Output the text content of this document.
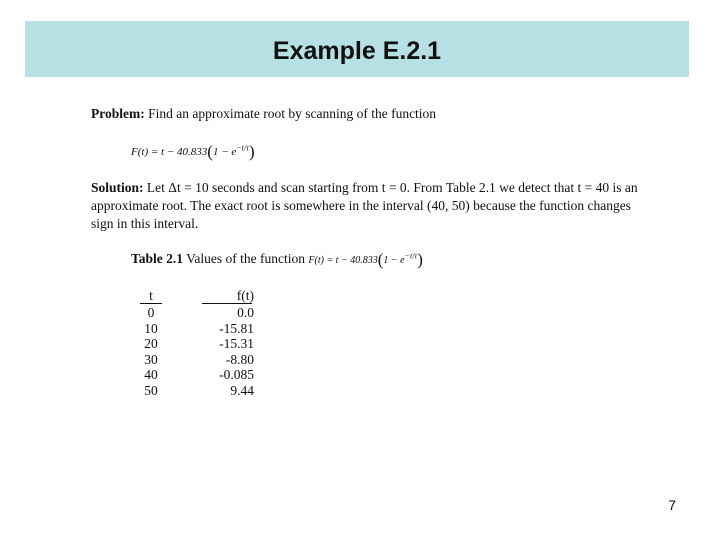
Example E.2.1
Problem: Find an approximate root by scanning of the function
$F(t) = t - 40.833(1 - e^{-t/\tau})$
Solution: Let Δt = 10 seconds and scan starting from t = 0. From Table 2.1 we detect that t = 40 is an
approximate root. The exact root is somewhere in the interval (40, 50) because the function changes
sign in this interval.
Table 2.1 Values of the function $F(t) = t - 40.833(1 - e^{-t/\tau})$
t	f(t)
0	0.0
10	-15.81
20	-15.31
30	-8.80
40	-0.085
50	9.44
7
